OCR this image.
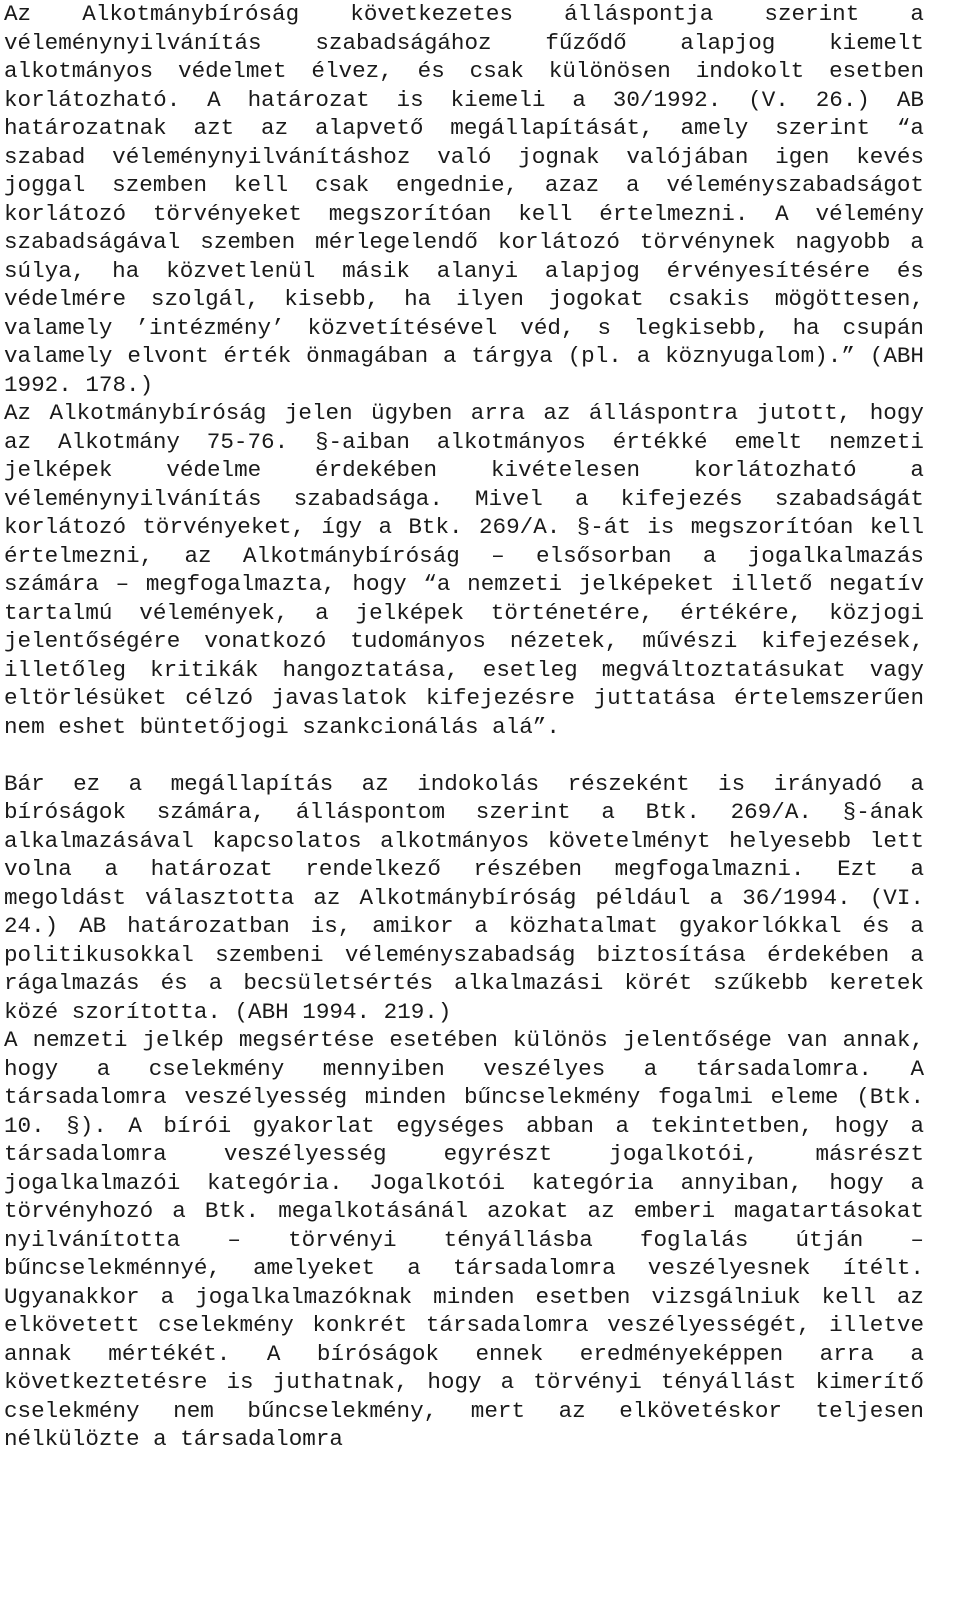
Az Alkotmánybíróság következetes álláspontja szerint a véleménynyilvánítás szabadságához fűződő alapjog kiemelt alkotmányos védelmet élvez, és csak különösen indokolt esetben korlátozható. A határozat is kiemeli a 30/1992. (V. 26.) AB határozatnak azt az alapvető megállapítását, amely szerint “a szabad véleménynyilvánításhoz való jognak valójában igen kevés joggal szemben kell csak engednie, azaz a véleményszabadságot korlátozó törvényeket megszorítóan kell értelmezni. A vélemény szabadságával szemben mérlegelendő korlátozó törvénynek nagyobb a súlya, ha közvetlenül másik alanyi alapjog érvényesítésére és védelmére szolgál, kisebb, ha ilyen jogokat csakis mögöttesen, valamely ’intézmény’ közvetítésével véd, s legkisebb, ha csupán valamely elvont érték önmagában a tárgya (pl. a köznyugalom).” (ABH 1992. 178.)

Az Alkotmánybíróság jelen ügyben arra az álláspontra jutott, hogy az Alkotmány 75-76. §-aiban alkotmányos értékké emelt nemzeti jelképek védelme érdekében kivételesen korlátozható a véleménynyilvánítás szabadsága. Mivel a kifejezés szabadságát korlátozó törvényeket, így a Btk. 269/A. §-át is megszorítóan kell értelmezni, az Alkotmánybíróság – elsősorban a jogalkalmazás számára – megfogalmazta, hogy “a nemzeti jelképeket illető negatív tartalmú vélemények, a jelképek történetére, értékére, közjogi jelentőségére vonatkozó tudományos nézetek, művészi kifejezések, illetőleg kritikák hangoztatása, esetleg megváltoztatásukat vagy eltörlésüket célzó javaslatok kifejezésre juttatása értelemszerűen nem eshet büntetőjogi szankcionálás alá”.

Bár ez a megállapítás az indokolás részeként is irányadó a bíróságok számára, álláspontom szerint a Btk. 269/A. §-ának alkalmazásával kapcsolatos alkotmányos követelményt helyesebb lett volna a határozat rendelkező részében megfogalmazni. Ezt a megoldást választotta az Alkotmánybíróság például a 36/1994. (VI. 24.) AB határozatban is, amikor a közhatalmat gyakorlókkal és a politikusokkal szembeni véleményszabadság biztosítása érdekében a rágalmazás és a becsületsértés alkalmazási körét szűkebb keretek közé szorította. (ABH 1994. 219.)

A nemzeti jelkép megsértése esetében különös jelentősége van annak, hogy a cselekmény mennyiben veszélyes a társadalomra. A társadalomra veszélyesség minden bűncselekmény fogalmi eleme (Btk. 10. §). A bírói gyakorlat egységes abban a tekintetben, hogy a társadalomra veszélyesség egyrészt jogalkotói, másrészt jogalkalmazói kategória. Jogalkotói kategória annyiban, hogy a törvényhozó a Btk. megalkotásánál azokat az emberi magatartásokat nyilvánította – törvényi tényállásba foglalás útján – bűncselekménnyé, amelyeket a társadalomra veszélyesnek ítélt. Ugyanakkor a jogalkalmazóknak minden esetben vizsgálniuk kell az elkövetett cselekmény konkrét társadalomra veszélyességét, illetve annak mértékét. A bíróságok ennek eredményeképpen arra a következtetésre is juthatnak, hogy a törvényi tényállást kimerítő cselekmény nem bűncselekmény, mert az elkövetéskor teljesen nélkülözte a társadalomra
